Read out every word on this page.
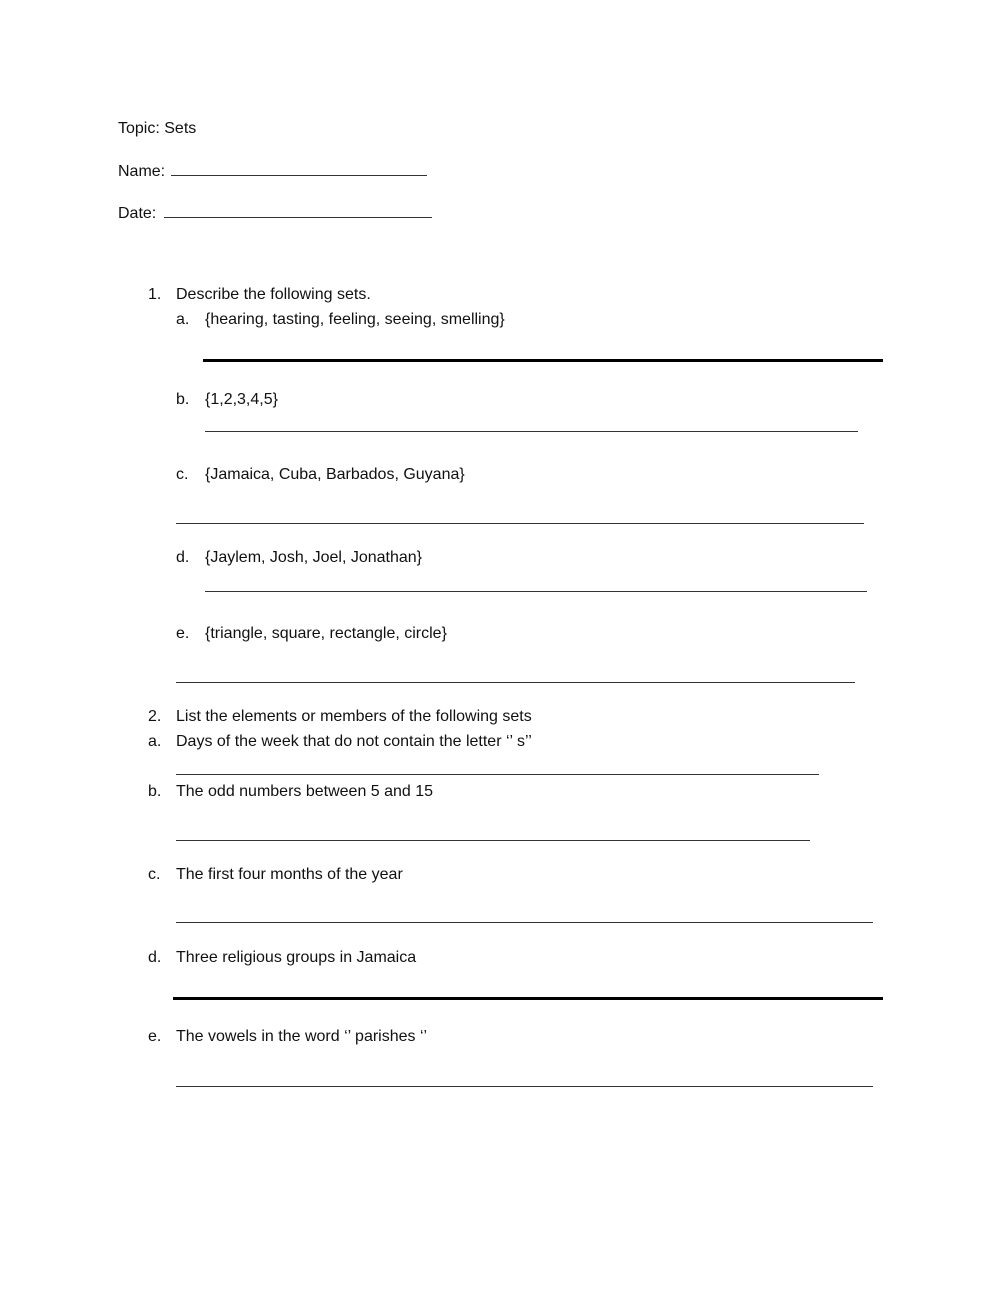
Topic: Sets
Name:
Date:
1. Describe the following sets.
a. {hearing, tasting, feeling, seeing, smelling}
b. {1,2,3,4,5}
c. {Jamaica, Cuba, Barbados, Guyana}
d. {Jaylem, Josh, Joel, Jonathan}
e. {triangle, square, rectangle, circle}
2. List the elements or members of the following sets
a. Days of the week that do not contain the letter ‘’ s’’
b. The odd numbers between 5 and 15
c. The first four months of the year
d. Three religious groups in Jamaica
e. The vowels in the word ‘’ parishes ‘’
